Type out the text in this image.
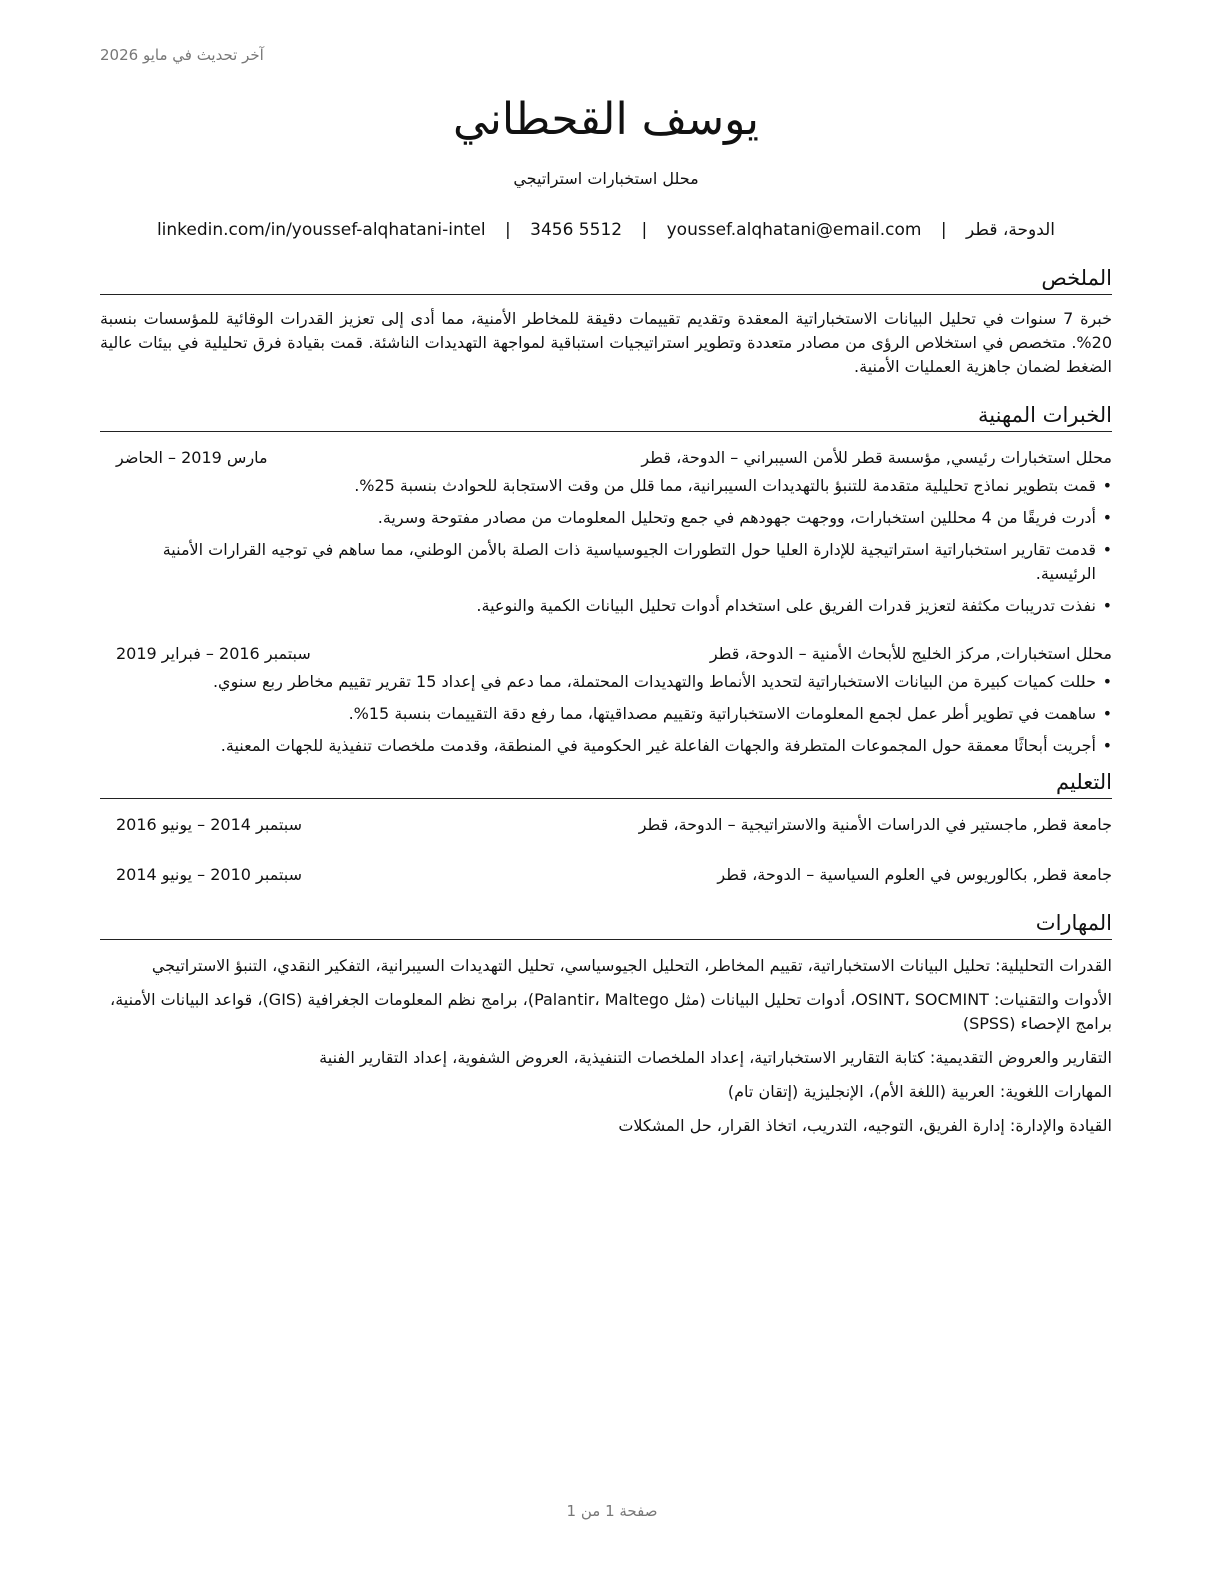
آخر تحديث في مايو 2026
يوسف القحطاني
محلل استخبارات استراتيجي
الدوحة، قطر | youssef.alqhatani@email.com | 3456 5512 | linkedin.com/in/youssef-alqhatani-intel
الملخص
خبرة 7 سنوات في تحليل البيانات الاستخباراتية المعقدة وتقديم تقييمات دقيقة للمخاطر الأمنية، مما أدى إلى تعزيز القدرات الوقائية للمؤسسات بنسبة 20%. متخصص في استخلاص الرؤى من مصادر متعددة وتطوير استراتيجيات استباقية لمواجهة التهديدات الناشئة. قمت بقيادة فرق تحليلية في بيئات عالية الضغط لضمان جاهزية العمليات الأمنية.
الخبرات المهنية
محلل استخبارات رئيسي, مؤسسة قطر للأمن السيبراني – الدوحة، قطر
مارس 2019 – الحاضر
• قمت بتطوير نماذج تحليلية متقدمة للتنبؤ بالتهديدات السيبرانية، مما قلل من وقت الاستجابة للحوادث بنسبة 25%.
• أدرت فريقًا من 4 محللين استخبارات، ووجهت جهودهم في جمع وتحليل المعلومات من مصادر مفتوحة وسرية.
• قدمت تقارير استخباراتية استراتيجية للإدارة العليا حول التطورات الجيوسياسية ذات الصلة بالأمن الوطني، مما ساهم في توجيه القرارات الأمنية الرئيسية.
• نفذت تدريبات مكثفة لتعزيز قدرات الفريق على استخدام أدوات تحليل البيانات الكمية والنوعية.
محلل استخبارات, مركز الخليج للأبحاث الأمنية – الدوحة، قطر
سبتمبر 2016 – فبراير 2019
• حللت كميات كبيرة من البيانات الاستخباراتية لتحديد الأنماط والتهديدات المحتملة، مما دعم في إعداد 15 تقرير تقييم مخاطر ربع سنوي.
• ساهمت في تطوير أطر عمل لجمع المعلومات الاستخباراتية وتقييم مصداقيتها، مما رفع دقة التقييمات بنسبة 15%.
• أجريت أبحاثًا معمقة حول المجموعات المتطرفة والجهات الفاعلة غير الحكومية في المنطقة، وقدمت ملخصات تنفيذية للجهات المعنية.
التعليم
جامعة قطر, ماجستير في الدراسات الأمنية والاستراتيجية – الدوحة، قطر
سبتمبر 2014 – يونيو 2016
جامعة قطر, بكالوريوس في العلوم السياسية – الدوحة، قطر
سبتمبر 2010 – يونيو 2014
المهارات
القدرات التحليلية: تحليل البيانات الاستخباراتية، تقييم المخاطر، التحليل الجيوسياسي، تحليل التهديدات السيبرانية، التفكير النقدي، التنبؤ الاستراتيجي
الأدوات والتقنيات: OSINT، SOCMINT، أدوات تحليل البيانات (مثل Palantir، Maltego)، برامج نظم المعلومات الجغرافية (GIS)، قواعد البيانات الأمنية، برامج الإحصاء (SPSS)
التقارير والعروض التقديمية: كتابة التقارير الاستخباراتية، إعداد الملخصات التنفيذية، العروض الشفوية، إعداد التقارير الفنية
المهارات اللغوية: العربية (اللغة الأم)، الإنجليزية (إتقان تام)
القيادة والإدارة: إدارة الفريق، التوجيه، التدريب، اتخاذ القرار، حل المشكلات
صفحة 1 من 1
